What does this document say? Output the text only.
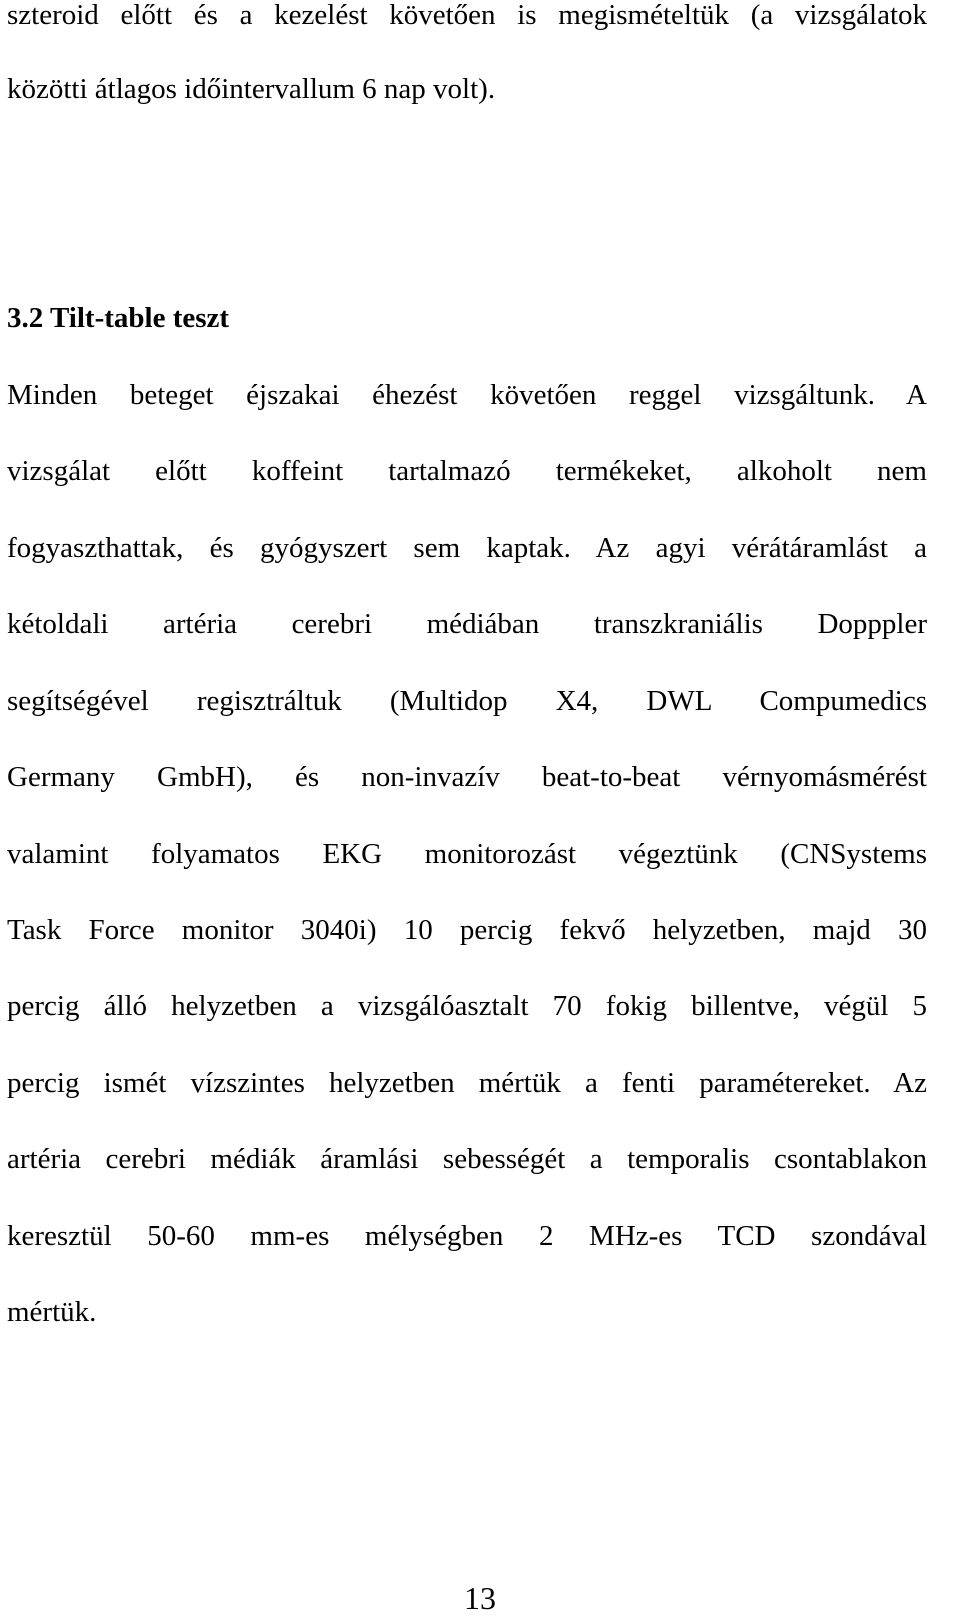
szteroid előtt és a kezelést követően is megismételtük (a vizsgálatok
közötti átlagos időintervallum 6 nap volt).
3.2 Tilt-table teszt
Minden beteget éjszakai éhezést követően reggel vizsgáltunk. A
vizsgálat előtt koffeint tartalmazó termékeket, alkoholt nem
fogyaszthattak, és gyógyszert sem kaptak. Az agyi vérátáramlást a
kétoldali artéria cerebri médiában transzkraniális Dopppler
segítségével regisztráltuk (Multidop X4, DWL Compumedics
Germany GmbH), és non-invazív beat-to-beat vérnyomásmérést
valamint folyamatos EKG monitorozást végeztünk (CNSystems
Task Force monitor 3040i) 10 percig fekvő helyzetben, majd 30
percig álló helyzetben a vizsgálóasztalt 70 fokig billentve, végül 5
percig ismét vízszintes helyzetben mértük a fenti paramétereket. Az
artéria cerebri médiák áramlási sebességét a temporalis csontablakon
keresztül 50-60 mm-es mélységben 2 MHz-es TCD szondával
mértük.
13
